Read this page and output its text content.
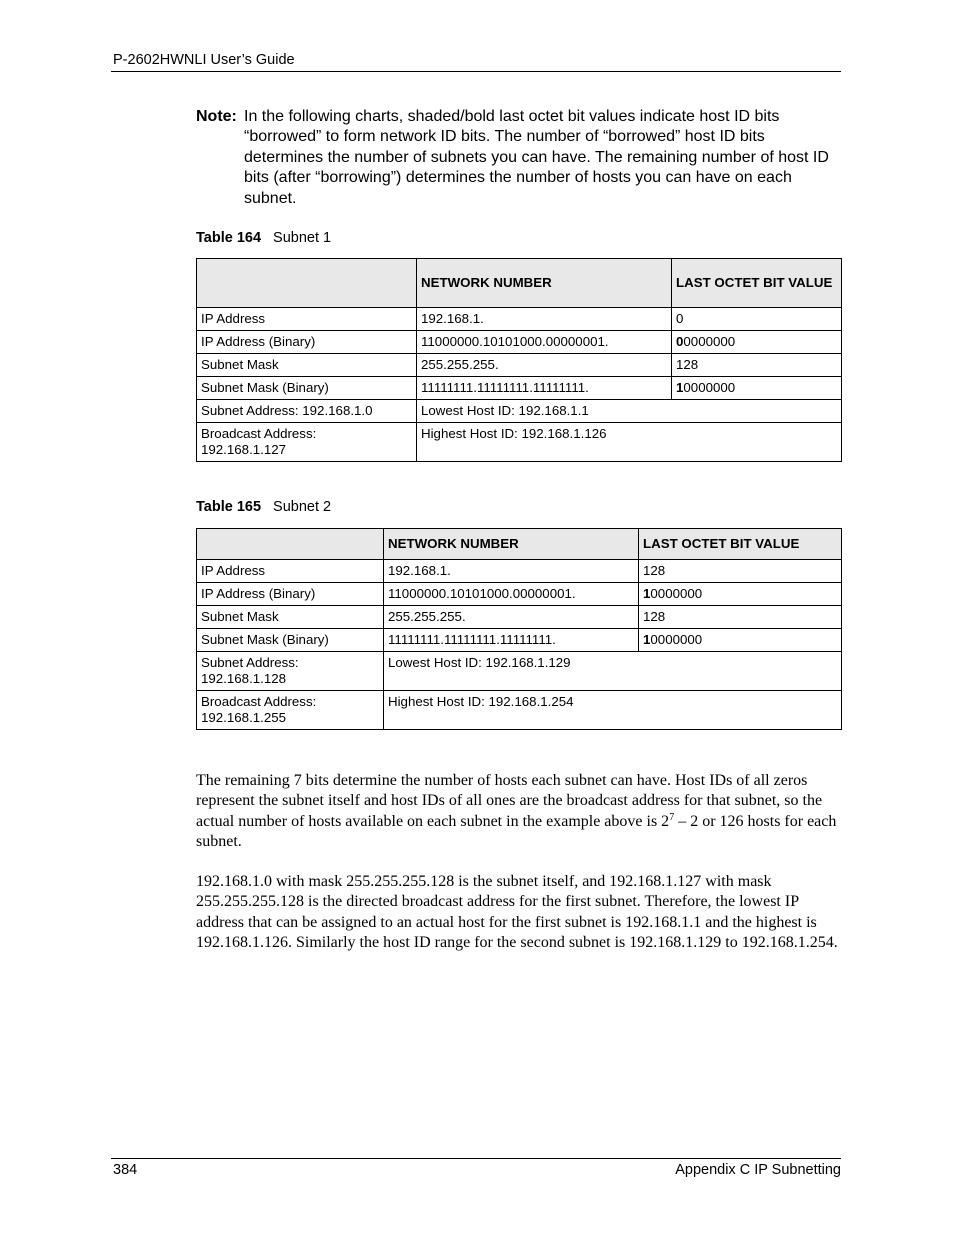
P-2602HWNLI User’s Guide
Note: In the following charts, shaded/bold last octet bit values indicate host ID bits “borrowed” to form network ID bits. The number of “borrowed” host ID bits determines the number of subnets you can have. The remaining number of host ID bits (after “borrowing”) determines the number of hosts you can have on each subnet.
Table 164 Subnet 1
	NETWORK NUMBER	LAST OCTET BIT VALUE
IP Address	192.168.1.	0
IP Address (Binary)	11000000.10101000.00000001.	00000000
Subnet Mask	255.255.255.	128
Subnet Mask (Binary)	11111111.11111111.11111111.	10000000
Subnet Address: 192.168.1.0	Lowest Host ID: 192.168.1.1	
Broadcast Address:
192.168.1.127	Highest Host ID: 192.168.1.126	
Table 165 Subnet 2
	NETWORK NUMBER	LAST OCTET BIT VALUE
IP Address	192.168.1.	128
IP Address (Binary)	11000000.10101000.00000001.	10000000
Subnet Mask	255.255.255.	128
Subnet Mask (Binary)	11111111.11111111.11111111.	10000000
Subnet Address:
192.168.1.128	Lowest Host ID: 192.168.1.129	
Broadcast Address:
192.168.1.255	Highest Host ID: 192.168.1.254	
The remaining 7 bits determine the number of hosts each subnet can have. Host IDs of all zeros represent the subnet itself and host IDs of all ones are the broadcast address for that subnet, so the actual number of hosts available on each subnet in the example above is $2^7 - 2$ or 126 hosts for each subnet.
192.168.1.0 with mask 255.255.255.128 is the subnet itself, and 192.168.1.127 with mask 255.255.255.128 is the directed broadcast address for the first subnet. Therefore, the lowest IP address that can be assigned to an actual host for the first subnet is 192.168.1.1 and the highest is 192.168.1.126. Similarly the host ID range for the second subnet is 192.168.1.129 to 192.168.1.254.
384	Appendix C IP Subnetting
